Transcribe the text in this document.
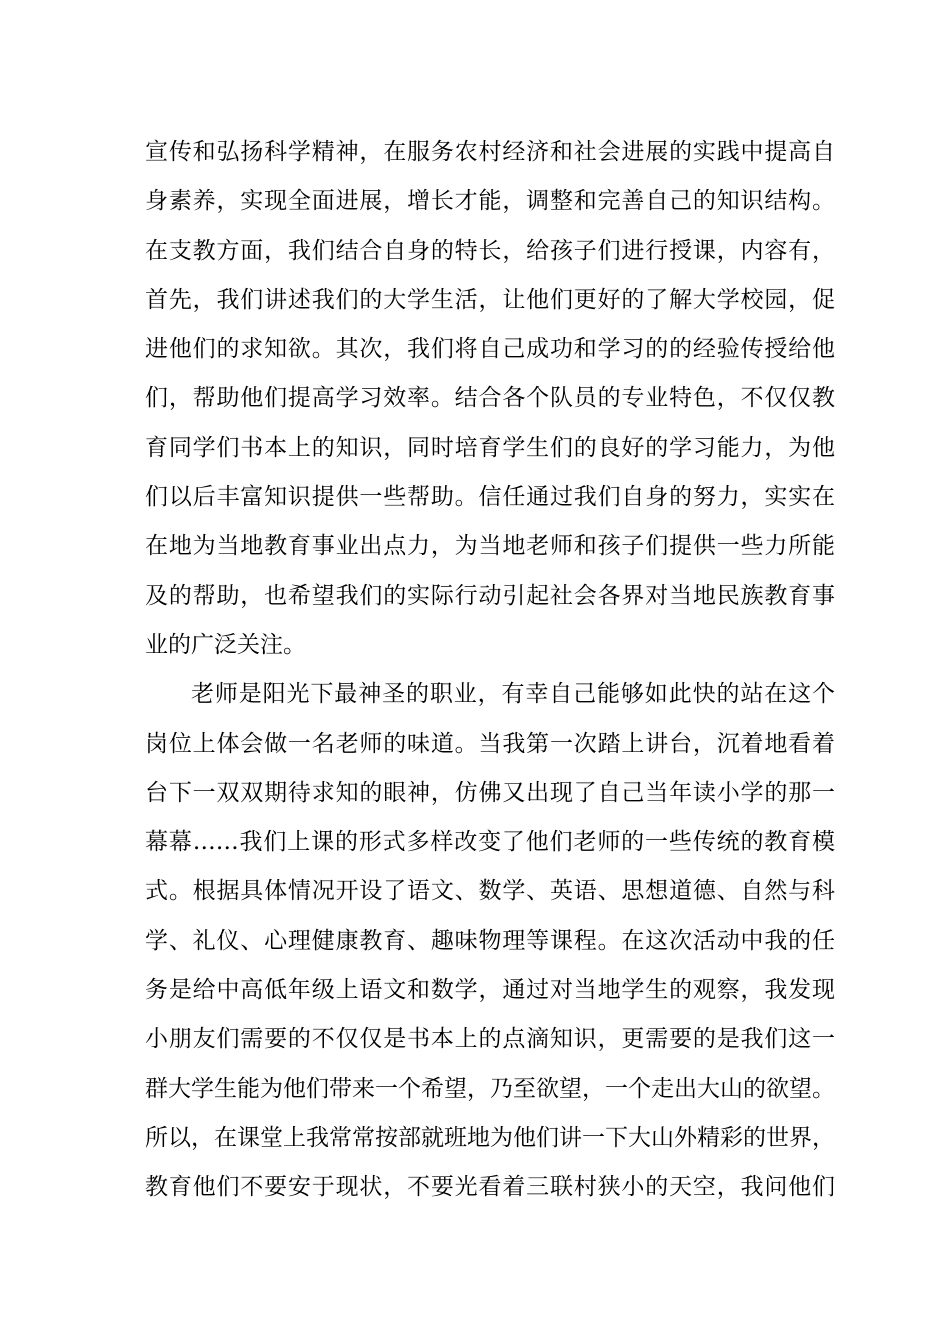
宣传和弘扬科学精神，在服务农村经济和社会进展的实践中提高自
身素养，实现全面进展，增长才能，调整和完善自己的知识结构。
在支教方面，我们结合自身的特长，给孩子们进行授课，内容有，
首先，我们讲述我们的大学生活，让他们更好的了解大学校园，促
进他们的求知欲。其次，我们将自己成功和学习的的经验传授给他
们，帮助他们提高学习效率。结合各个队员的专业特色，不仅仅教
育同学们书本上的知识，同时培育学生们的良好的学习能力，为他
们以后丰富知识提供一些帮助。信任通过我们自身的努力，实实在
在地为当地教育事业出点力，为当地老师和孩子们提供一些力所能
及的帮助，也希望我们的实际行动引起社会各界对当地民族教育事
业的广泛关注。
老师是阳光下最神圣的职业，有幸自己能够如此快的站在这个
岗位上体会做一名老师的味道。当我第一次踏上讲台，沉着地看着
台下一双双期待求知的眼神，仿佛又出现了自己当年读小学的那一
幕幕……我们上课的形式多样改变了他们老师的一些传统的教育模
式。根据具体情况开设了语文、数学、英语、思想道德、自然与科
学、礼仪、心理健康教育、趣味物理等课程。在这次活动中我的任
务是给中高低年级上语文和数学，通过对当地学生的观察，我发现
小朋友们需要的不仅仅是书本上的点滴知识，更需要的是我们这一
群大学生能为他们带来一个希望，乃至欲望，一个走出大山的欲望。
所以，在课堂上我常常按部就班地为他们讲一下大山外精彩的世界，
教育他们不要安于现状，不要光看着三联村狭小的天空，我问他们
